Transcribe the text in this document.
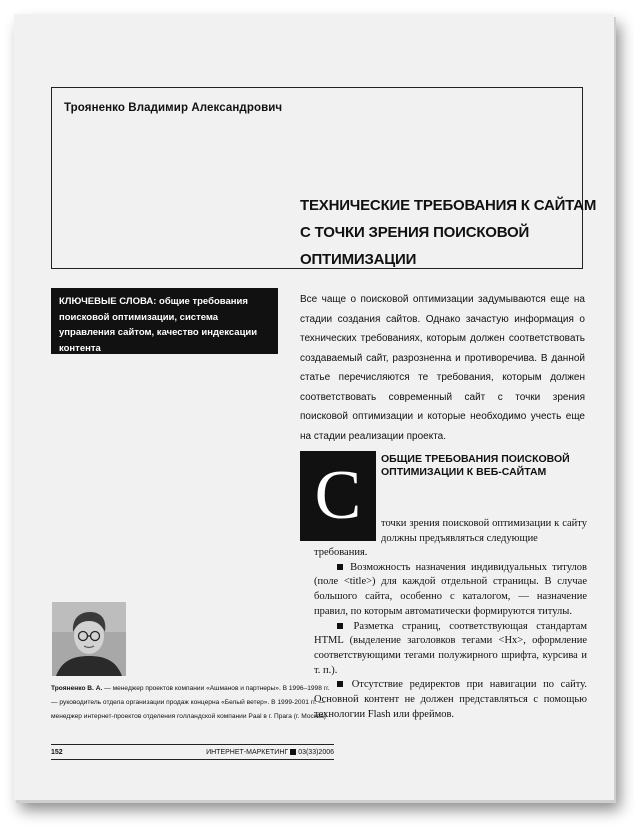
Трояненко Владимир Александрович
ТЕХНИЧЕСКИЕ ТРЕБОВАНИЯ К САЙТАМ
С ТОЧКИ ЗРЕНИЯ ПОИСКОВОЙ
ОПТИМИЗАЦИИ
КЛЮЧЕВЫЕ СЛОВА: общие требования поисковой оптимизации, система управления сайтом, качество индексации контента
Все чаще о поисковой оптимизации задумываются еще на стадии создания сайтов. Однако зачастую информация о технических требованиях, которым должен соответствовать создаваемый сайт, разрозненна и противоречива. В данной статье перечисляются те требования, которым должен соответствовать современный сайт с точки зрения поисковой оптимизации и которые необходимо учесть еще на стадии реализации проекта.
С	ОБЩИЕ ТРЕБОВАНИЯ ПОИСКОВОЙ ОПТИМИЗАЦИИ К ВЕБ-САЙТАМ
точки зрения поисковой оптимизации к сайту должны предъявляться следующие

требования.

Возможность назначения индивидуальных титулов (поле <title>) для каждой отдельной страницы. В случае большого сайта, особенно с каталогом, — назначение правил, по которым автоматически формируются титулы.

Разметка страниц, соответствующая стандартам HTML (выделение заголовков тегами <Hx>, оформление соответствующими тегами полужирного шрифта, курсива и т. п.).

Отсутствие редиректов при навигации по сайту. Основной контент не должен представляться с помощью технологии Flash или фреймов.

Трояненко В. А. — менеджер проектов компании «Ашманов и партнеры». В 1996–1998 гг. — руководитель отдела организации продаж концерна «Белый ветер». В 1999-2001 гг. — менеджер интернет-проектов отделения голландской компании Paal в г. Прага (г. Москва)
152	ИНТЕРНЕТ-МАРКЕТИНГ 03(33)2006
